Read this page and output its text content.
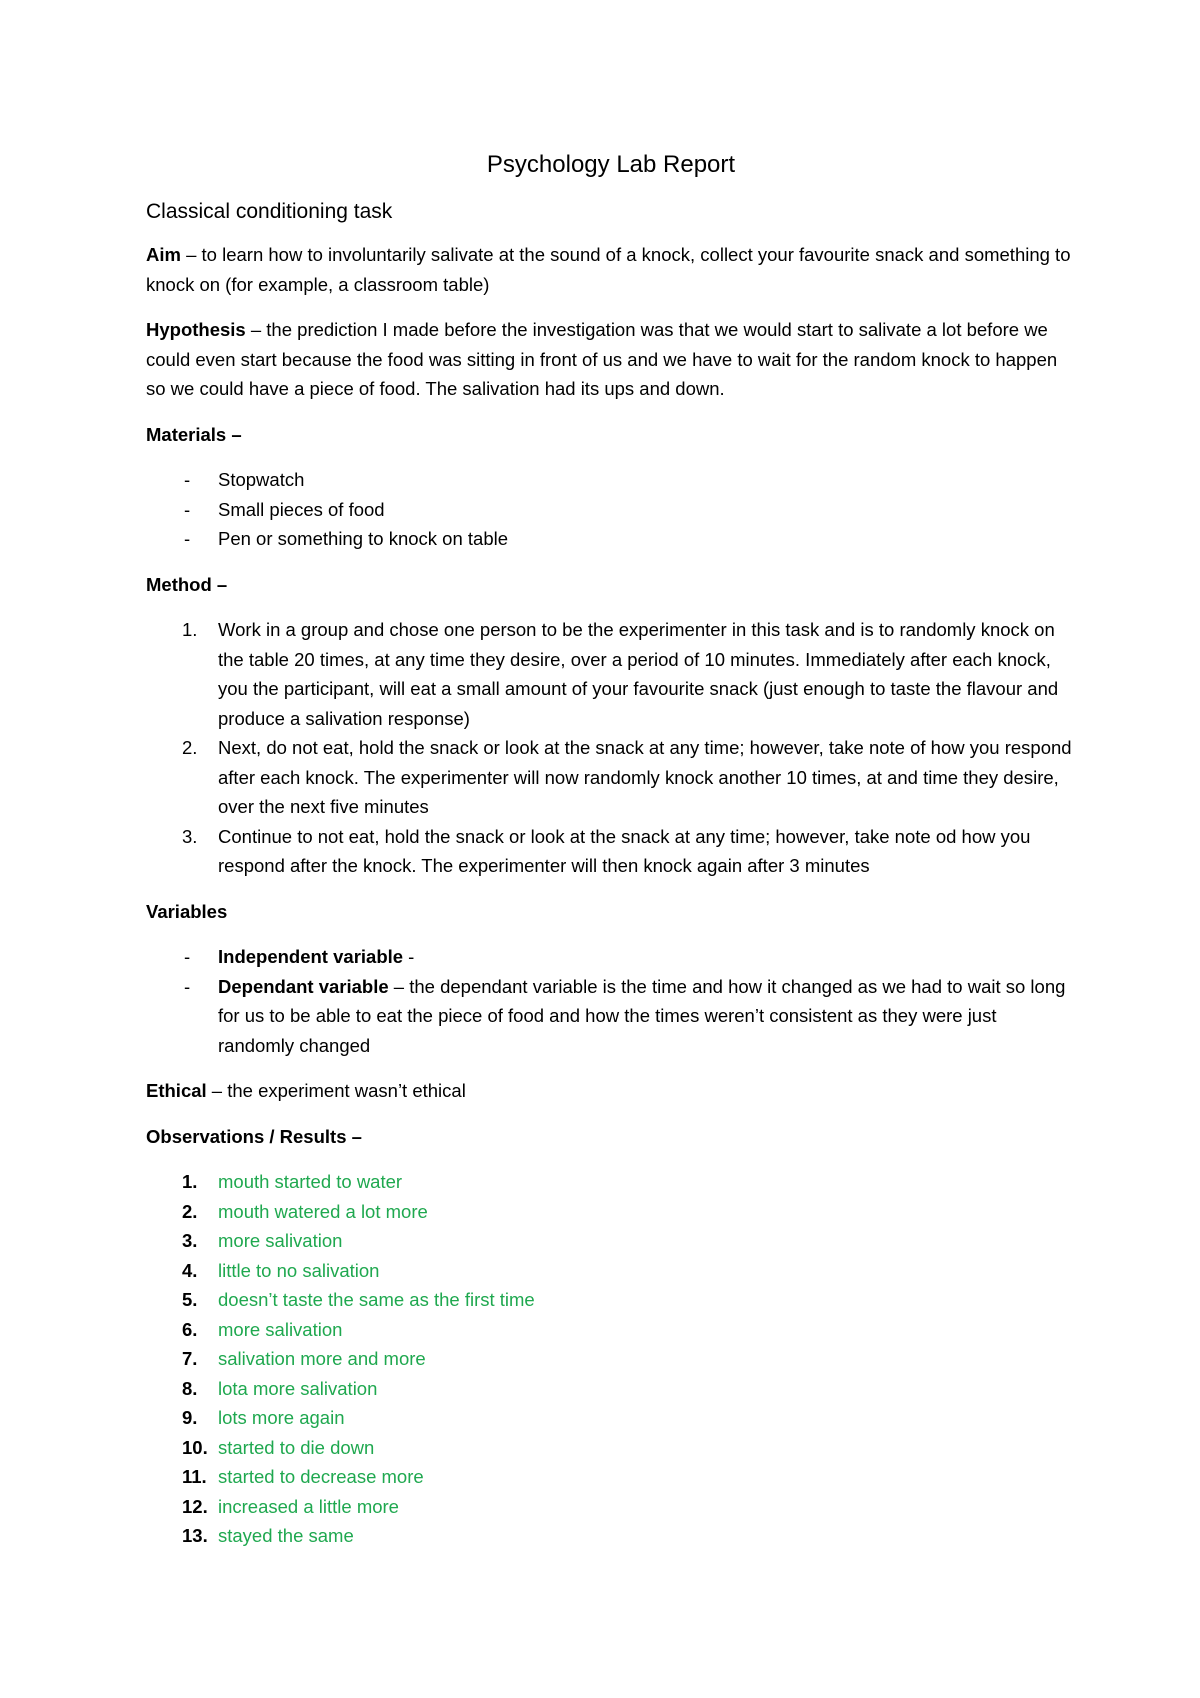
Psychology Lab Report
Classical conditioning task

Aim – to learn how to involuntarily salivate at the sound of a knock, collect your favourite snack and something to knock on (for example, a classroom table)

Hypothesis – the prediction I made before the investigation was that we would start to salivate a lot before we could even start because the food was sitting in front of us and we have to wait for the random knock to happen so we could have a piece of food. The salivation had its ups and down.

Materials –

- Stopwatch
- Small pieces of food
- Pen or something to knock on table

Method –

1. Work in a group and chose one person to be the experimenter in this task and is to randomly knock on the table 20 times, at any time they desire, over a period of 10 minutes. Immediately after each knock, you the participant, will eat a small amount of your favourite snack (just enough to taste the flavour and produce a salivation response)
2. Next, do not eat, hold the snack or look at the snack at any time; however, take note of how you respond after each knock. The experimenter will now randomly knock another 10 times, at and time they desire, over the next five minutes
3. Continue to not eat, hold the snack or look at the snack at any time; however, take note od how you respond after the knock. The experimenter will then knock again after 3 minutes

Variables

- Independent variable -
- Dependant variable – the dependant variable is the time and how it changed as we had to wait so long for us to be able to eat the piece of food and how the times weren’t consistent as they were just randomly changed

Ethical – the experiment wasn’t ethical

Observations / Results –

1. mouth started to water
2. mouth watered a lot more
3. more salivation
4. little to no salivation
5. doesn’t taste the same as the first time
6. more salivation
7. salivation more and more
8. lota more salivation
9. lots more again
10. started to die down
11. started to decrease more
12. increased a little more
13. stayed the same
